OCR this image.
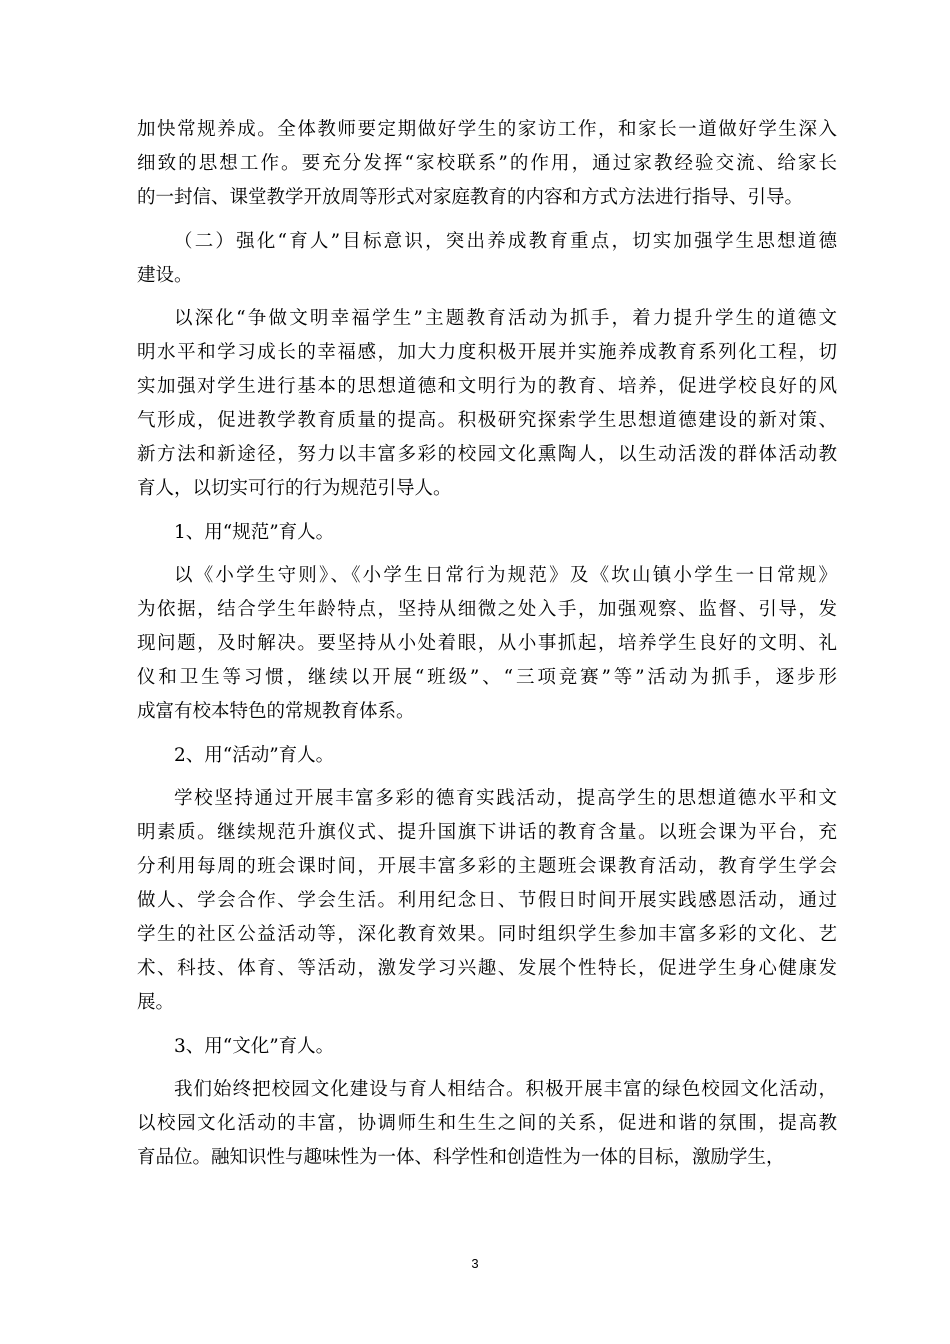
加快常规养成。全体教师要定期做好学生的家访工作，和家长一道做好学生深入
细致的思想工作。要充分发挥“家校联系”的作用，通过家教经验交流、给家长
的一封信、课堂教学开放周等形式对家庭教育的内容和方式方法进行指导、引导。
（二）强化“育人”目标意识，突出养成教育重点，切实加强学生思想道德
建设。
以深化“争做文明幸福学生”主题教育活动为抓手，着力提升学生的道德文
明水平和学习成长的幸福感，加大力度积极开展并实施养成教育系列化工程，切
实加强对学生进行基本的思想道德和文明行为的教育、培养，促进学校良好的风
气形成，促进教学教育质量的提高。积极研究探索学生思想道德建设的新对策、
新方法和新途径，努力以丰富多彩的校园文化熏陶人，以生动活泼的群体活动教
育人，以切实可行的行为规范引导人。
1、用“规范”育人。
以《小学生守则》、《小学生日常行为规范》及《坎山镇小学生一日常规》
为依据，结合学生年龄特点，坚持从细微之处入手，加强观察、监督、引导，发
现问题，及时解决。要坚持从小处着眼，从小事抓起，培养学生良好的文明、礼
仪和卫生等习惯，继续以开展“班级”、“三项竞赛”等”活动为抓手，逐步形
成富有校本特色的常规教育体系。
2、用“活动”育人。
学校坚持通过开展丰富多彩的德育实践活动，提高学生的思想道德水平和文
明素质。继续规范升旗仪式、提升国旗下讲话的教育含量。以班会课为平台，充
分利用每周的班会课时间，开展丰富多彩的主题班会课教育活动，教育学生学会
做人、学会合作、学会生活。利用纪念日、节假日时间开展实践感恩活动，通过
学生的社区公益活动等，深化教育效果。同时组织学生参加丰富多彩的文化、艺
术、科技、体育、等活动，激发学习兴趣、发展个性特长，促进学生身心健康发
展。
3、用“文化”育人。
我们始终把校园文化建设与育人相结合。积极开展丰富的绿色校园文化活动，
以校园文化活动的丰富，协调师生和生生之间的关系，促进和谐的氛围，提高教
育品位。融知识性与趣味性为一体、科学性和创造性为一体的目标，激励学生，
3
